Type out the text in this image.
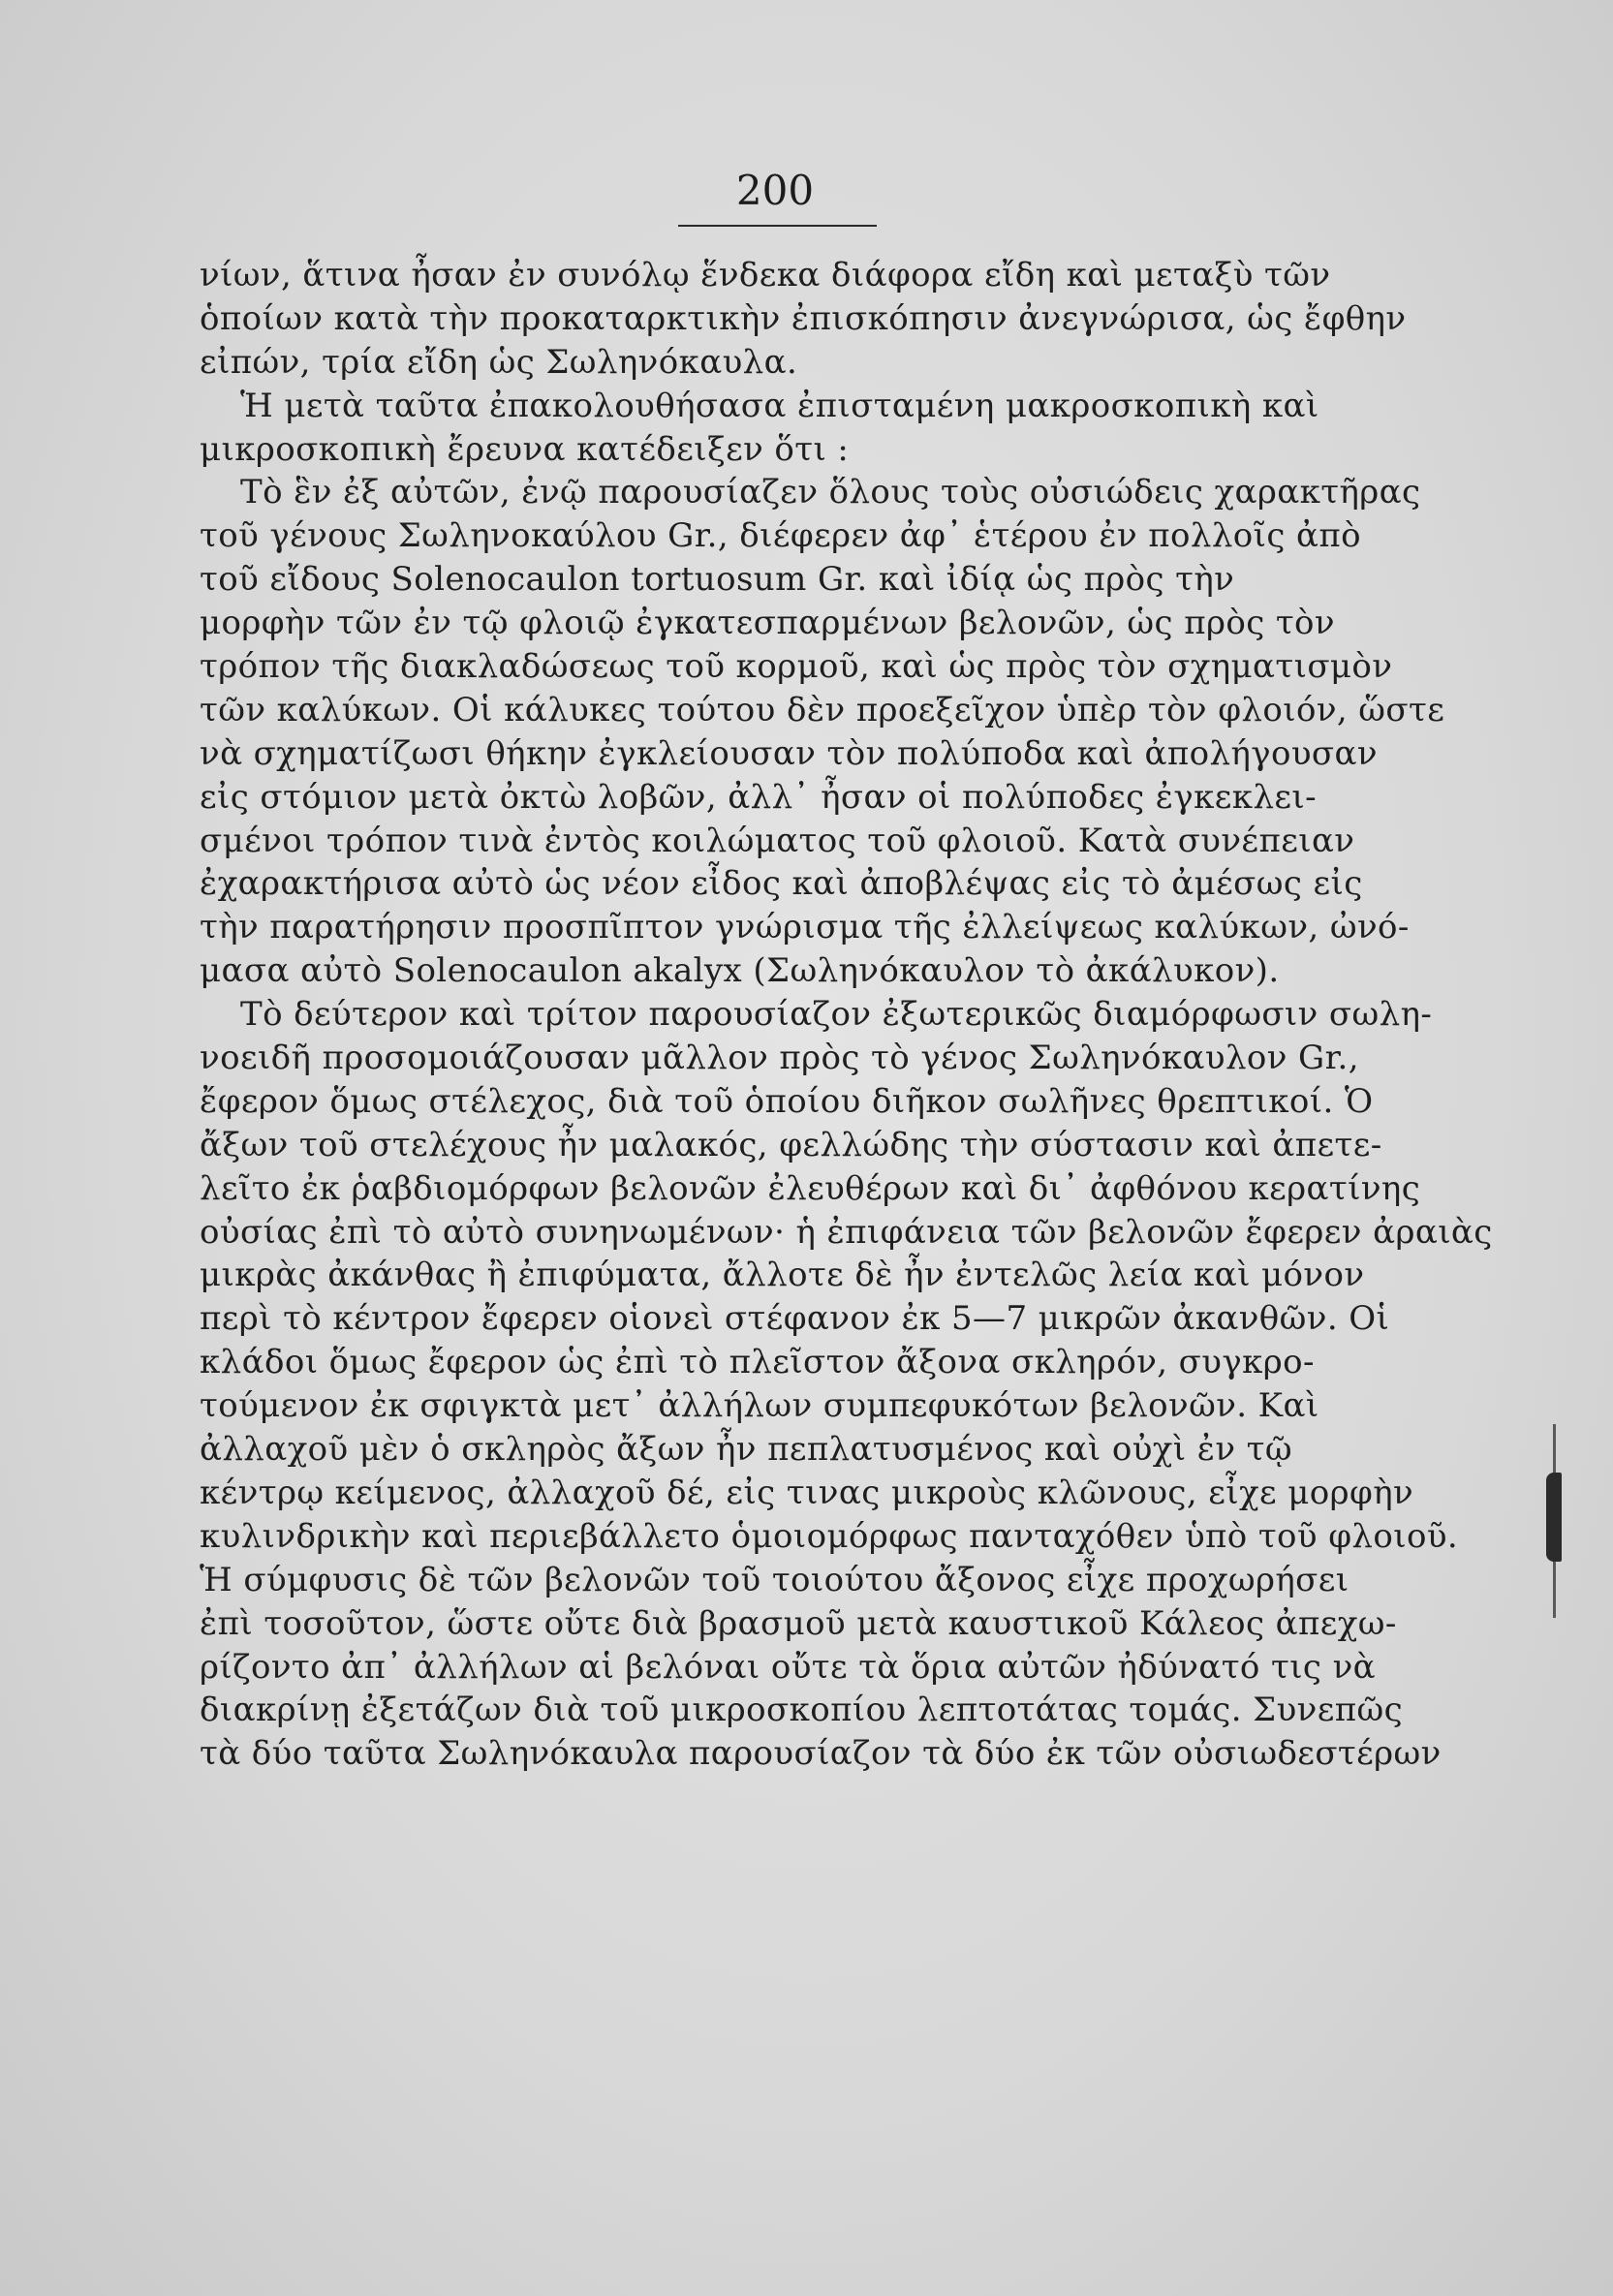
200
νίων, ἅτινα ἦσαν ἐν συνόλῳ ἕνδεκα διάφορα εἴδη καὶ μεταξὺ τῶν
ὁποίων κατὰ τὴν προκαταρκτικὴν ἐπισκόπησιν ἀνεγνώρισα, ὡς ἔφθην
εἰπών, τρία εἴδη ὡς Σωληνόκαυλα.
Ἡ μετὰ ταῦτα ἐπακολουθήσασα ἐπισταμένη μακροσκοπικὴ καὶ
μικροσκοπικὴ ἔρευνα κατέδειξεν ὅτι :
Τὸ ἓν ἐξ αὐτῶν, ἐνῷ παρουσίαζεν ὅλους τοὺς οὐσιώδεις χαρακτῆρας
τοῦ γένους Σωληνοκαύλου Gr., διέφερεν ἀφ᾽ ἑτέρου ἐν πολλοῖς ἀπὸ
τοῦ εἴδους Solenocaulon tortuosum Gr. καὶ ἰδίᾳ ὡς πρὸς τὴν
μορφὴν τῶν ἐν τῷ φλοιῷ ἐγκατεσπαρμένων βελονῶν, ὡς πρὸς τὸν
τρόπον τῆς διακλαδώσεως τοῦ κορμοῦ, καὶ ὡς πρὸς τὸν σχηματισμὸν
τῶν καλύκων. Οἱ κάλυκες τούτου δὲν προεξεῖχον ὑπὲρ τὸν φλοιόν, ὥστε
νὰ σχηματίζωσι θήκην ἐγκλείουσαν τὸν πολύποδα καὶ ἀπολήγουσαν
εἰς στόμιον μετὰ ὀκτὼ λοβῶν, ἀλλ᾽ ἦσαν οἱ πολύποδες ἐγκεκλει-
σμένοι τρόπον τινὰ ἐντὸς κοιλώματος τοῦ φλοιοῦ. Κατὰ συνέπειαν
ἐχαρακτήρισα αὐτὸ ὡς νέον εἶδος καὶ ἀποβλέψας εἰς τὸ ἀμέσως εἰς
τὴν παρατήρησιν προσπῖπτον γνώρισμα τῆς ἐλλείψεως καλύκων, ὠνό-
μασα αὐτὸ Solenocaulon akalyx (Σωληνόκαυλον τὸ ἀκάλυκον).
Τὸ δεύτερον καὶ τρίτον παρουσίαζον ἐξωτερικῶς διαμόρφωσιν σωλη-
νοειδῆ προσομοιάζουσαν μᾶλλον πρὸς τὸ γένος Σωληνόκαυλον Gr.,
ἔφερον ὅμως στέλεχος, διὰ τοῦ ὁποίου διῆκον σωλῆνες θρεπτικοί. Ὁ
ἄξων τοῦ στελέχους ἦν μαλακός, φελλώδης τὴν σύστασιν καὶ ἀπετε-
λεῖτο ἐκ ῥαβδιομόρφων βελονῶν ἐλευθέρων καὶ δι᾽ ἀφθόνου κερατίνης
οὐσίας ἐπὶ τὸ αὐτὸ συνηνωμένων· ἡ ἐπιφάνεια τῶν βελονῶν ἔφερεν ἀραιὰς
μικρὰς ἀκάνθας ἢ ἐπιφύματα, ἄλλοτε δὲ ἦν ἐντελῶς λεία καὶ μόνον
περὶ τὸ κέντρον ἔφερεν οἱονεὶ στέφανον ἐκ 5—7 μικρῶν ἀκανθῶν. Οἱ
κλάδοι ὅμως ἔφερον ὡς ἐπὶ τὸ πλεῖστον ἄξονα σκληρόν, συγκρο-
τούμενον ἐκ σφιγκτὰ μετ᾽ ἀλλήλων συμπεφυκότων βελονῶν. Καὶ
ἀλλαχοῦ μὲν ὁ σκληρὸς ἄξων ἦν πεπλατυσμένος καὶ οὐχὶ ἐν τῷ
κέντρῳ κείμενος, ἀλλαχοῦ δέ, εἰς τινας μικροὺς κλῶνους, εἶχε μορφὴν
κυλινδρικὴν καὶ περιεβάλλετο ὁμοιομόρφως πανταχόθεν ὑπὸ τοῦ φλοιοῦ.
Ἡ σύμφυσις δὲ τῶν βελονῶν τοῦ τοιούτου ἄξονος εἶχε προχωρήσει
ἐπὶ τοσοῦτον, ὥστε οὔτε διὰ βρασμοῦ μετὰ καυστικοῦ Κάλεος ἀπεχω-
ρίζοντο ἀπ᾽ ἀλλήλων αἱ βελόναι οὔτε τὰ ὅρια αὐτῶν ἠδύνατό τις νὰ
διακρίνῃ ἐξετάζων διὰ τοῦ μικροσκοπίου λεπτοτάτας τομάς. Συνεπῶς
τὰ δύο ταῦτα Σωληνόκαυλα παρουσίαζον τὰ δύο ἐκ τῶν οὐσιωδεστέρων
